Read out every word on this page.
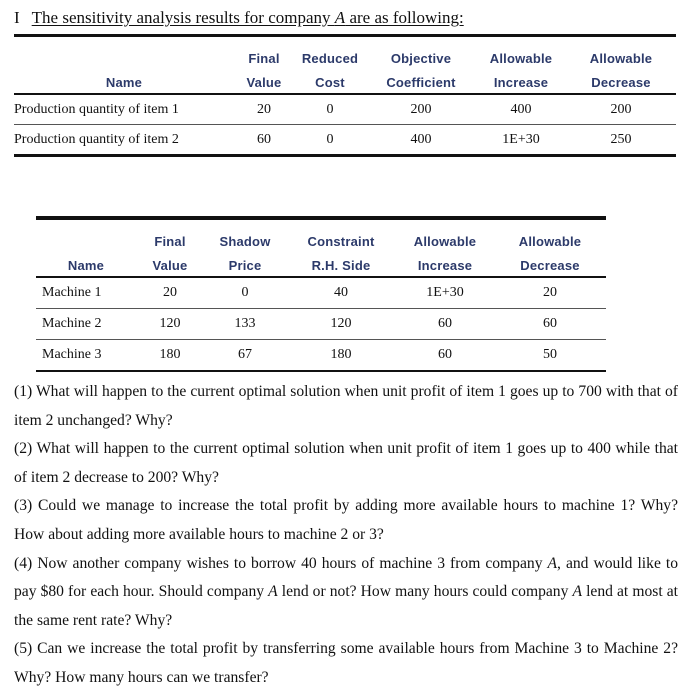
I The sensitivity analysis results for company A are as following:
	Final	Reduced	Objective	Allowable	Allowable
Name	Value	Cost	Coefficient	Increase	Decrease
Production quantity of item 1	20	0	200	400	200
Production quantity of item 2	60	0	400	1E+30	250
	Final	Shadow	Constraint	Allowable	Allowable
Name	Value	Price	R.H. Side	Increase	Decrease
Machine 1	20	0	40	1E+30	20
Machine 2	120	133	120	60	60
Machine 3	180	67	180	60	50

(1) What will happen to the current optimal solution when unit profit of item 1 goes up to 700 with that of item 2 unchanged? Why?

(2) What will happen to the current optimal solution when unit profit of item 1 goes up to 400 while that of item 2 decrease to 200? Why?

(3) Could we manage to increase the total profit by adding more available hours to machine 1? Why? How about adding more available hours to machine 2 or 3?

(4) Now another company wishes to borrow 40 hours of machine 3 from company A, and would like to pay $80 for each hour. Should company A lend or not? How many hours could company A lend at most at the same rent rate? Why?

(5) Can we increase the total profit by transferring some available hours from Machine 3 to Machine 2? Why? How many hours can we transfer?
